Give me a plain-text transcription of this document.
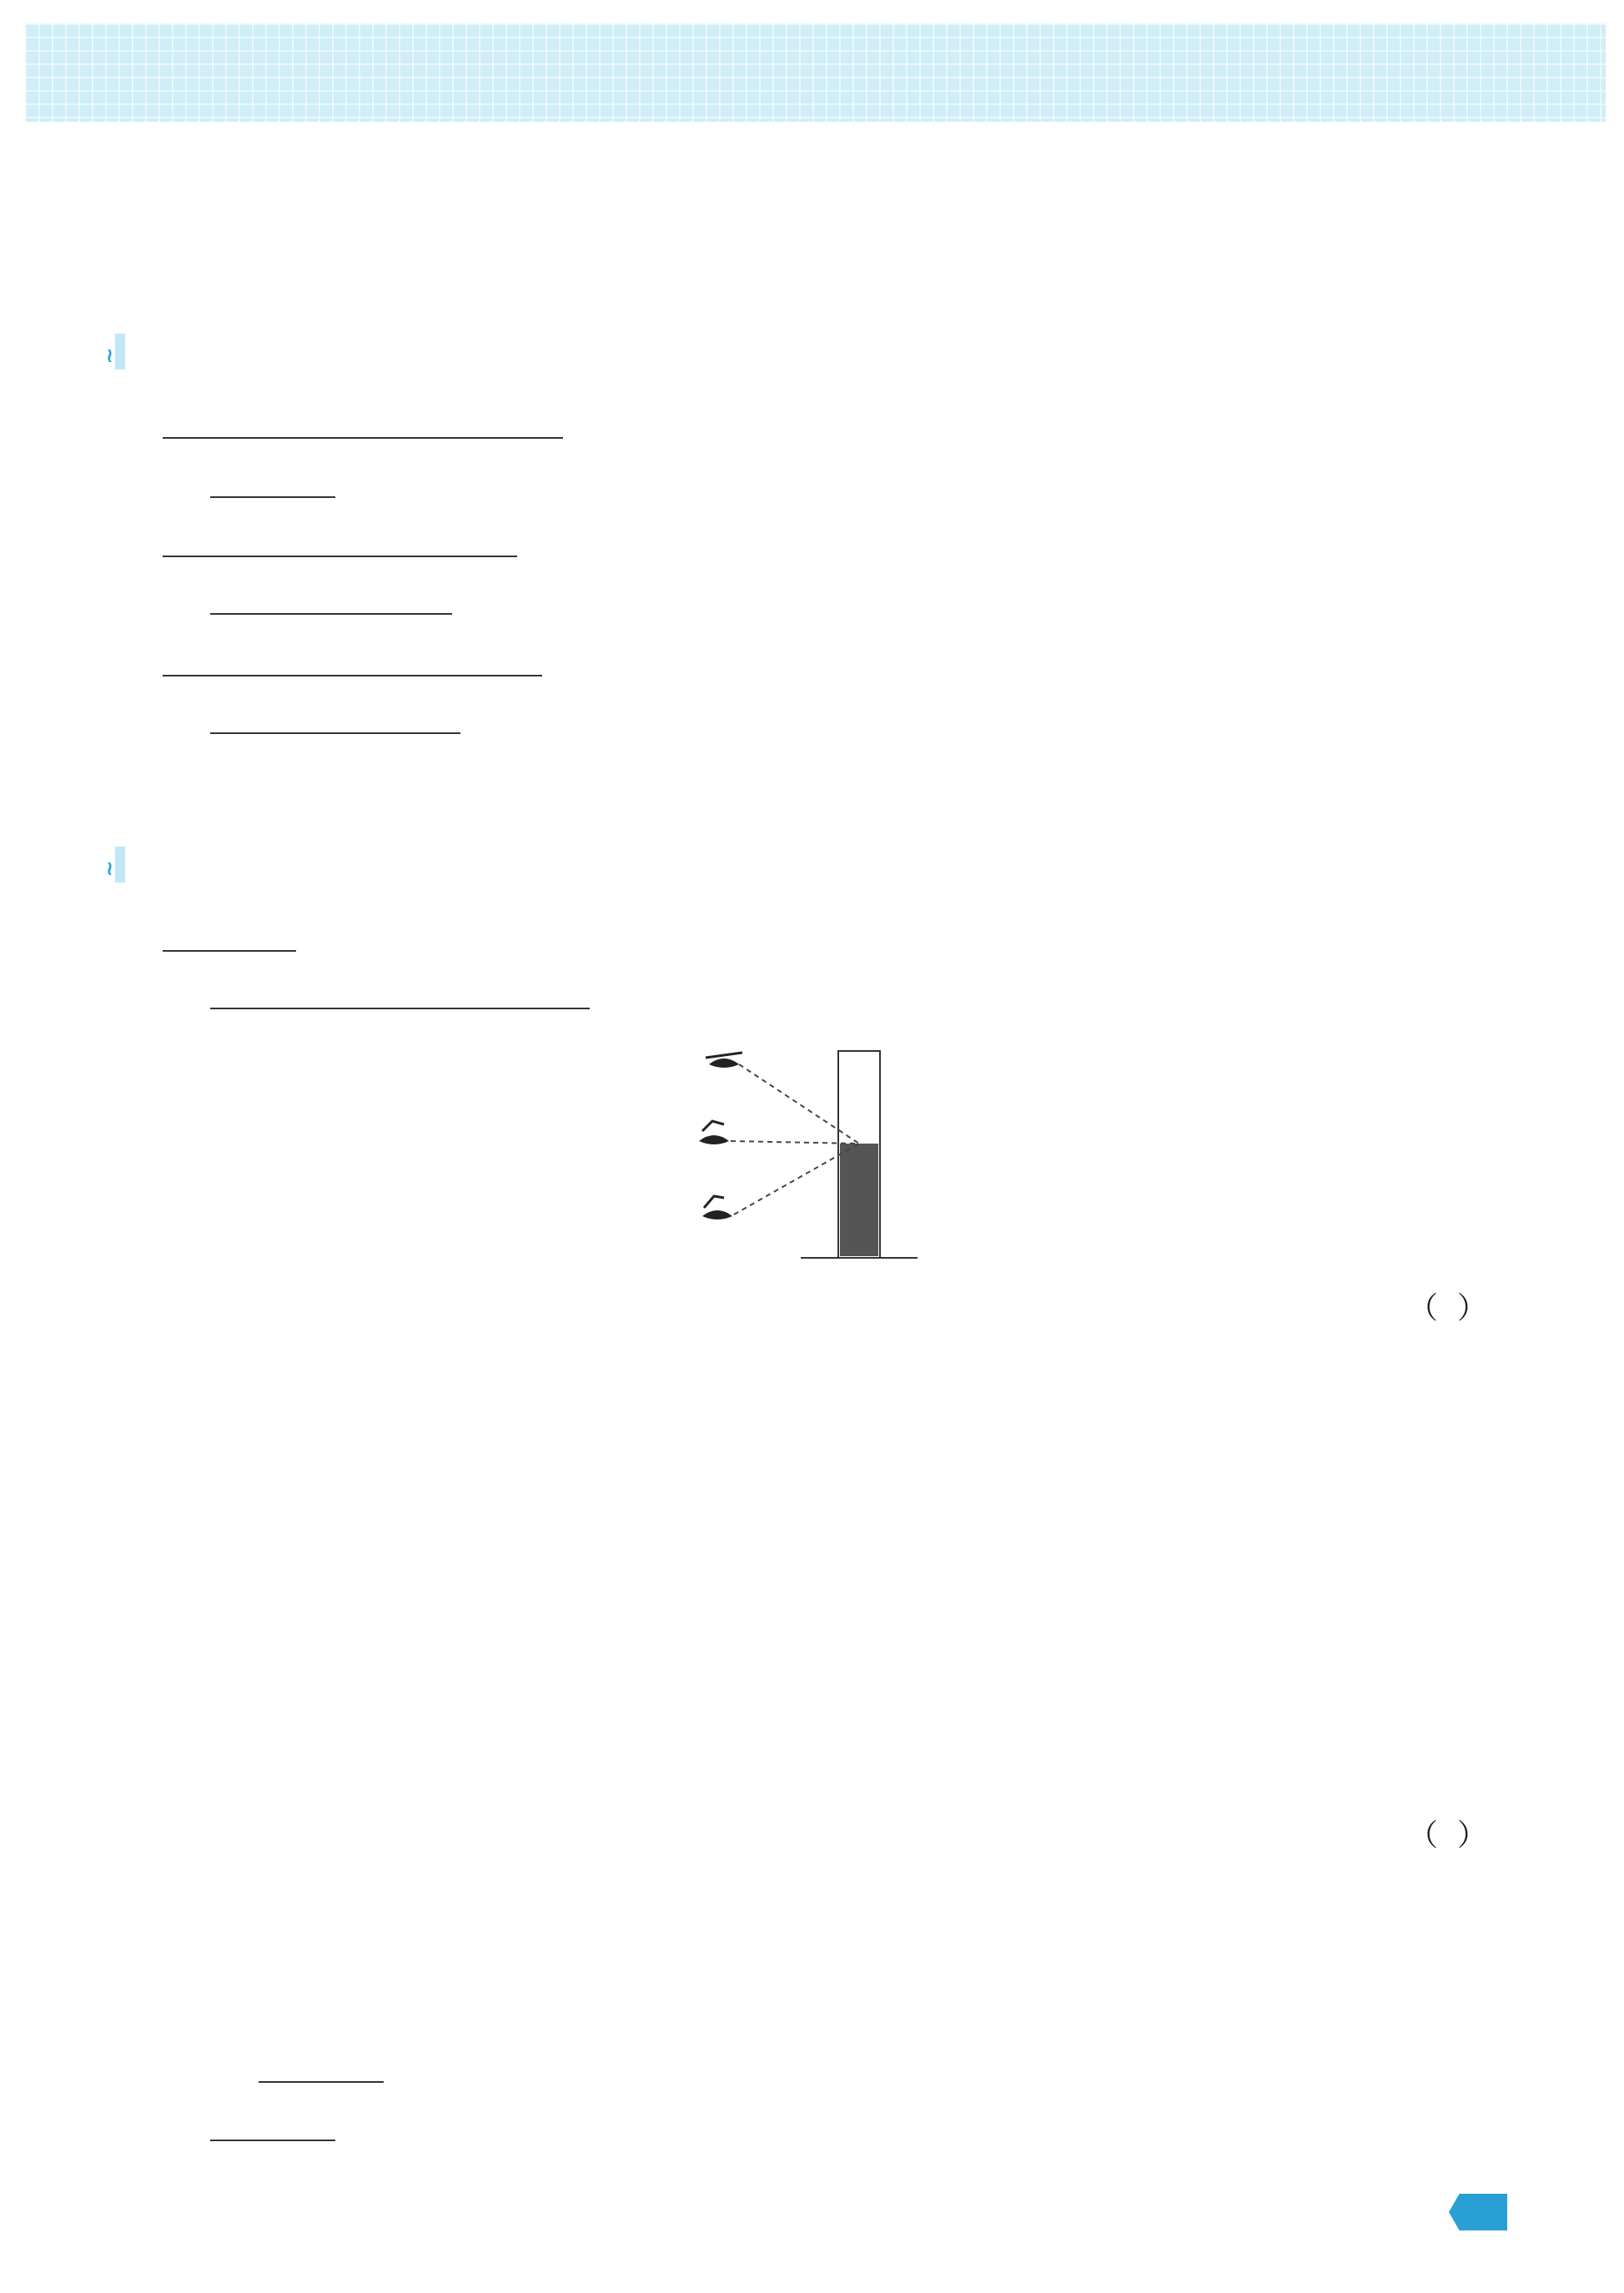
≀
≀
（  ）
（  ）
